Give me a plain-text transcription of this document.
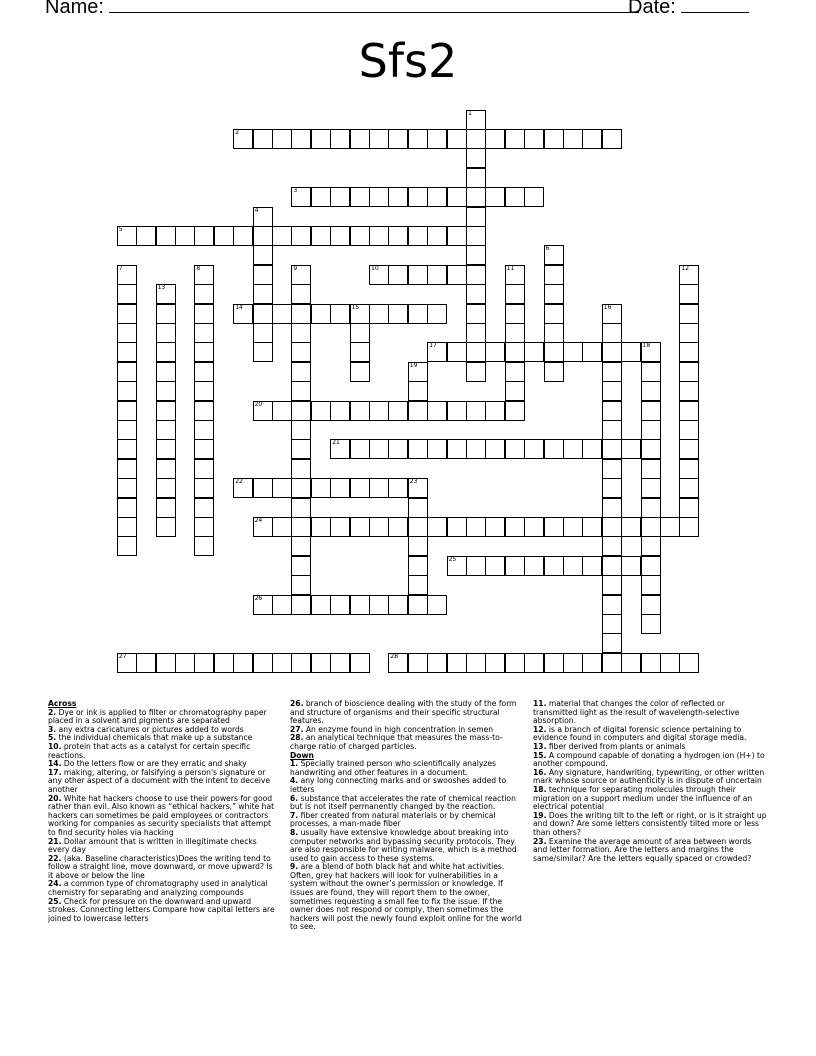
Name:	Date:
Sfs2
1
2
3
4
5
6
7	8	9	10	11	12
13
14	15	16
17	18
19
20
21
22	23
24
25
26
27	28
Across
2. Dye or ink is applied to filter or chromatography paper placed in a solvent and pigments are separated
3. any extra caricatures or pictures added to words
5. the individual chemicals that make up a substance
10. protein that acts as a catalyst for certain specific reactions.
14. Do the letters flow or are they erratic and shaky
17. making, altering, or falsifying a person's signature or any other aspect of a document with the intent to deceive another
20. White hat hackers choose to use their powers for good rather than evil. Also known as “ethical hackers,” white hat hackers can sometimes be paid employees or contractors working for companies as security specialists that attempt to find security holes via hacking
21. Dollar amount that is written in illegitimate checks every day
22. (aka. Baseline characteristics)Does the writing tend to follow a straight line, move downward, or move upward? Is it above or below the line
24. a common type of chromatography used in analytical chemistry for separating and analyzing compounds
25. Check for pressure on the downward and upward strokes. Connecting letters Compare how capital letters are joined to lowercase letters
26. branch of bioscience dealing with the study of the form and structure of organisms and their specific structural features.
27. An enzyme found in high concentration in semen
28. an analytical technique that measures the mass-to-charge ratio of charged particles.
Down
1. Specially trained person who scientifically analyzes handwriting and other features in a document.
4. any long connecting marks and or swooshes added to letters
6. substance that accelerates the rate of chemical reaction but is not itself permanently changed by the reaction.
7. fiber created from natural materials or by chemical processes, a man-made fiber
8. usually have extensive knowledge about breaking into computer networks and bypassing security protocols. They are also responsible for writing malware, which is a method used to gain access to these systems.
9. are a blend of both black hat and white hat activities. Often, grey hat hackers will look for vulnerabilities in a system without the owner’s permission or knowledge. If issues are found, they will report them to the owner, sometimes requesting a small fee to fix the issue. If the owner does not respond or comply, then sometimes the hackers will post the newly found exploit online for the world to see.
11. material that changes the color of reflected or transmitted light as the result of wavelength-selective absorption.
12. is a branch of digital forensic science pertaining to evidence found in computers and digital storage media.
13. fiber derived from plants or animals
15. A compound capable of donating a hydrogen ion (H+) to another compound.
16. Any signature, handwriting, typewriting, or other written mark whose source or authenticity is in dispute of uncertain
18. technique for separating molecules through their migration on a support medium under the influence of an electrical potential
19. Does the writing tilt to the left or right, or is it straight up and down? Are some letters consistently tilted more or less than others?
23. Examine the average amount of area between words and letter formation. Are the letters and margins the same/similar? Are the letters equally spaced or crowded?
